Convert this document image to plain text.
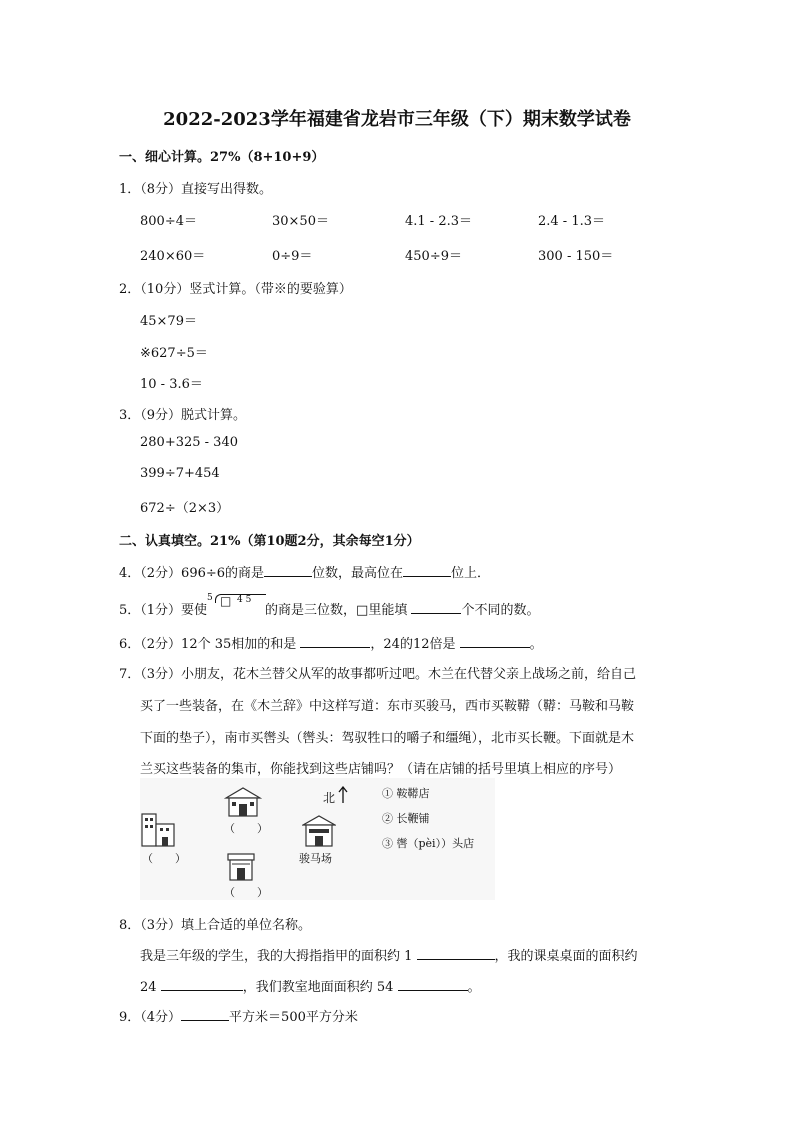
2022-2023学年福建省龙岩市三年级（下）期末数学试卷
一、细心计算。27%（8+10+9）
1．（8分）直接写出得数。
800÷4＝	30×50＝	4.1 - 2.3＝	2.4 - 1.3＝
240×60＝	0÷9＝	450÷9＝	300 - 150＝
2．（10分）竖式计算。（带※的要验算）
45×79＝
※627÷5＝
10 - 3.6＝
3．（9分）脱式计算。
280+325 - 340
399÷7+454
672÷（2×3）
二、认真填空。21%（第10题2分，其余每空1分）
4．（2分）696÷6的商是	位数，最高位在	位上．
5．（1分）要使
5 □ 4 5
的商是三位数，□里能填	个不同的数。
6．（2分）12个 35相加的和是	，24的12倍是	。
7．（3分）小朋友，花木兰替父从军的故事都听过吧。木兰在代替父亲上战场之前，给自己
买了一些装备，在《木兰辞》中这样写道：东市买骏马，西市买鞍鞯（鞯：马鞍和马鞍
下面的垫子），南市买辔头（辔头：驾驭牲口的嚼子和缰绳），北市买长鞭。下面就是木
兰买这些装备的集市，你能找到这些店铺吗？（请在店铺的括号里填上相应的序号）
（　　）
（　　）
（　　）
北
骏马场
① 鞍鞯店
② 长鞭铺
③ 辔（pèi））头店
8．（3分）填上合适的单位名称。
我是三年级的学生，我的大拇指指甲的面积约 1	，我的课桌桌面的面积约
24	，我们教室地面面积约 54	。
9．（4分）	平方米＝500平方分米
